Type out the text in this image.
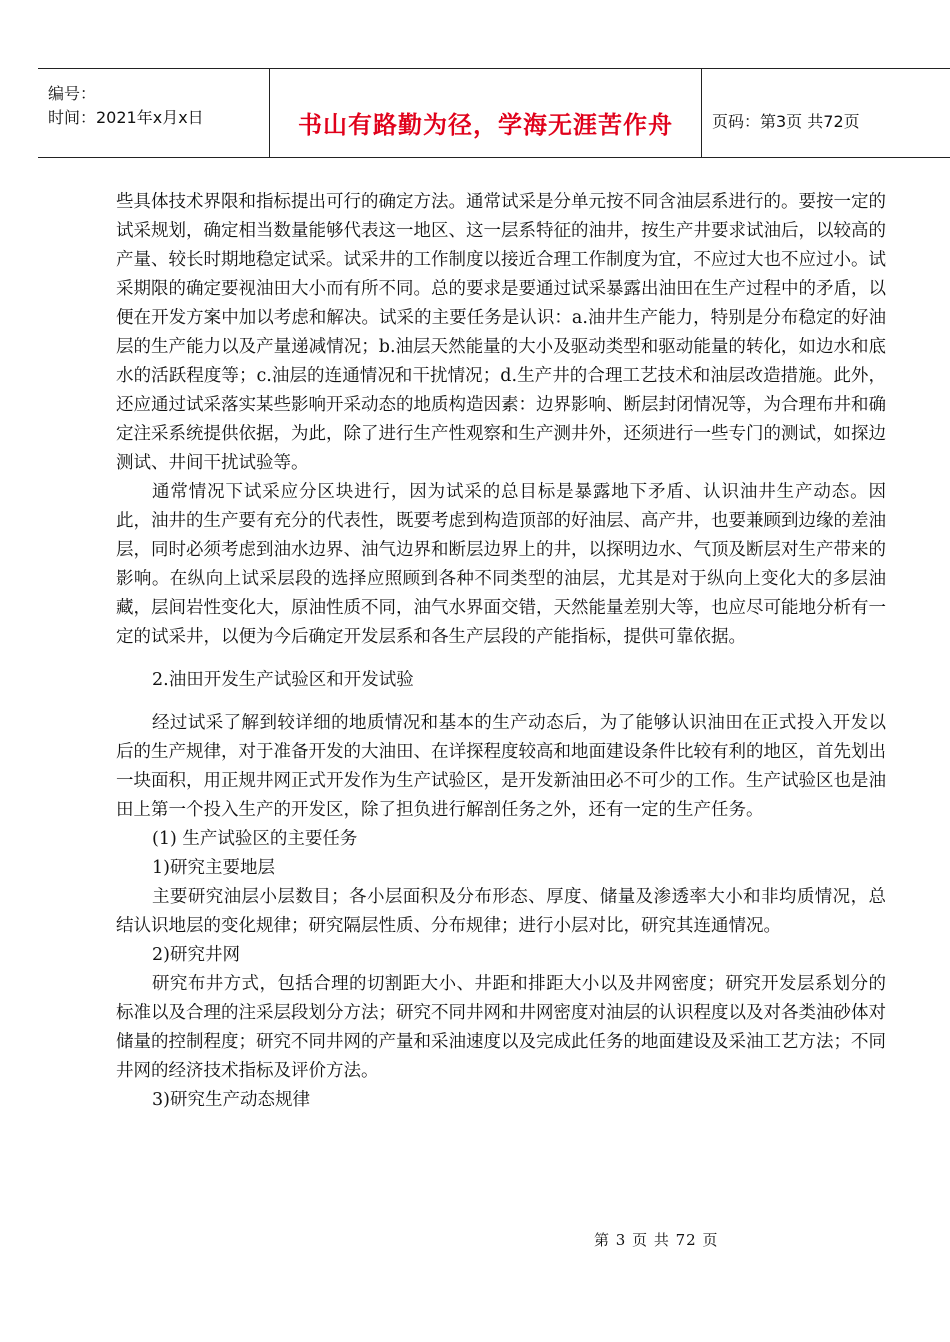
编号：
时间：2021年x月x日	书山有路勤为径，学海无涯苦作舟	页码：第3页 共72页

些具体技术界限和指标提出可行的确定方法。通常试采是分单元按不同含油层系进行的。要按一定的试采规划，确定相当数量能够代表这一地区、这一层系特征的油井，按生产井要求试油后，以较高的产量、较长时期地稳定试采。试采井的工作制度以接近合理工作制度为宜，不应过大也不应过小。试采期限的确定要视油田大小而有所不同。总的要求是要通过试采暴露出油田在生产过程中的矛盾，以便在开发方案中加以考虑和解决。试采的主要任务是认识：a.油井生产能力，特别是分布稳定的好油层的生产能力以及产量递减情况；b.油层天然能量的大小及驱动类型和驱动能量的转化，如边水和底水的活跃程度等；c.油层的连通情况和干扰情况；d.生产井的合理工艺技术和油层改造措施。此外，还应通过试采落实某些影响开采动态的地质构造因素：边界影响、断层封闭情况等，为合理布井和确定注采系统提供依据，为此，除了进行生产性观察和生产测井外，还须进行一些专门的测试，如探边测试、井间干扰试验等。

通常情况下试采应分区块进行，因为试采的总目标是暴露地下矛盾、认识油井生产动态。因此，油井的生产要有充分的代表性，既要考虑到构造顶部的好油层、高产井，也要兼顾到边缘的差油层，同时必须考虑到油水边界、油气边界和断层边界上的井，以探明边水、气顶及断层对生产带来的影响。在纵向上试采层段的选择应照顾到各种不同类型的油层，尤其是对于纵向上变化大的多层油藏，层间岩性变化大，原油性质不同，油气水界面交错，天然能量差别大等，也应尽可能地分析有一定的试采井，以便为今后确定开发层系和各生产层段的产能指标，提供可靠依据。

2.油田开发生产试验区和开发试验

经过试采了解到较详细的地质情况和基本的生产动态后，为了能够认识油田在正式投入开发以后的生产规律，对于准备开发的大油田、在详探程度较高和地面建设条件比较有利的地区，首先划出一块面积，用正规井网正式开发作为生产试验区，是开发新油田必不可少的工作。生产试验区也是油田上第一个投入生产的开发区，除了担负进行解剖任务之外，还有一定的生产任务。

(1) 生产试验区的主要任务

1)研究主要地层

主要研究油层小层数目；各小层面积及分布形态、厚度、储量及渗透率大小和非均质情况，总结认识地层的变化规律；研究隔层性质、分布规律；进行小层对比，研究其连通情况。

2)研究井网

研究布井方式，包括合理的切割距大小、井距和排距大小以及井网密度；研究开发层系划分的标准以及合理的注采层段划分方法；研究不同井网和井网密度对油层的认识程度以及对各类油砂体对储量的控制程度；研究不同井网的产量和采油速度以及完成此任务的地面建设及采油工艺方法；不同井网的经济技术指标及评价方法。

3)研究生产动态规律

第 3 页 共 72 页
